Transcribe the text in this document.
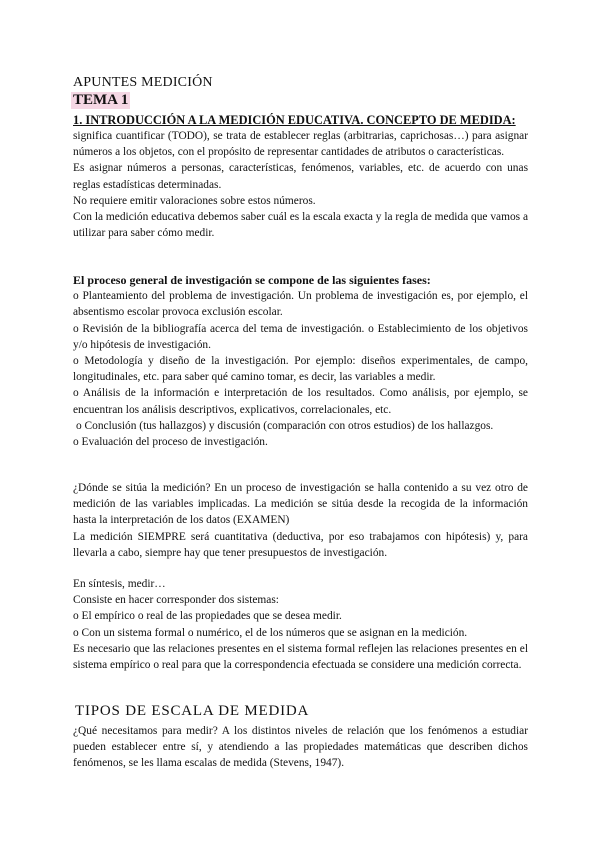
APUNTES MEDICIÓN
TEMA 1
1. INTRODUCCIÓN A LA MEDICIÓN EDUCATIVA. CONCEPTO DE MEDIDA:

significa cuantificar (TODO), se trata de establecer reglas (arbitrarias, caprichosas…) para asignar números a los objetos, con el propósito de representar cantidades de atributos o características.

Es asignar números a personas, características, fenómenos, variables, etc. de acuerdo con unas reglas estadísticas determinadas.

No requiere emitir valoraciones sobre estos números.

Con la medición educativa debemos saber cuál es la escala exacta y la regla de medida que vamos a utilizar para saber cómo medir.

El proceso general de investigación se compone de las siguientes fases:

o Planteamiento del problema de investigación. Un problema de investigación es, por ejemplo, el absentismo escolar provoca exclusión escolar.

o Revisión de la bibliografía acerca del tema de investigación. o Establecimiento de los objetivos y/o hipótesis de investigación.

o Metodología y diseño de la investigación. Por ejemplo: diseños experimentales, de campo, longitudinales, etc. para saber qué camino tomar, es decir, las variables a medir.

o Análisis de la información e interpretación de los resultados. Como análisis, por ejemplo, se encuentran los análisis descriptivos, explicativos, correlacionales, etc.

o Conclusión (tus hallazgos) y discusión (comparación con otros estudios) de los hallazgos.

o Evaluación del proceso de investigación.

¿Dónde se sitúa la medición? En un proceso de investigación se halla contenido a su vez otro de medición de las variables implicadas. La medición se sitúa desde la recogida de la información hasta la interpretación de los datos (EXAMEN)

La medición SIEMPRE será cuantitativa (deductiva, por eso trabajamos con hipótesis) y, para llevarla a cabo, siempre hay que tener presupuestos de investigación.

En síntesis, medir…

Consiste en hacer corresponder dos sistemas:

o El empírico o real de las propiedades que se desea medir.

o Con un sistema formal o numérico, el de los números que se asignan en la medición.

Es necesario que las relaciones presentes en el sistema formal reflejen las relaciones presentes en el sistema empírico o real para que la correspondencia efectuada se considere una medición correcta.

TIPOS DE ESCALA DE MEDIDA

¿Qué necesitamos para medir? A los distintos niveles de relación que los fenómenos a estudiar pueden establecer entre sí, y atendiendo a las propiedades matemáticas que describen dichos fenómenos, se les llama escalas de medida (Stevens, 1947).
